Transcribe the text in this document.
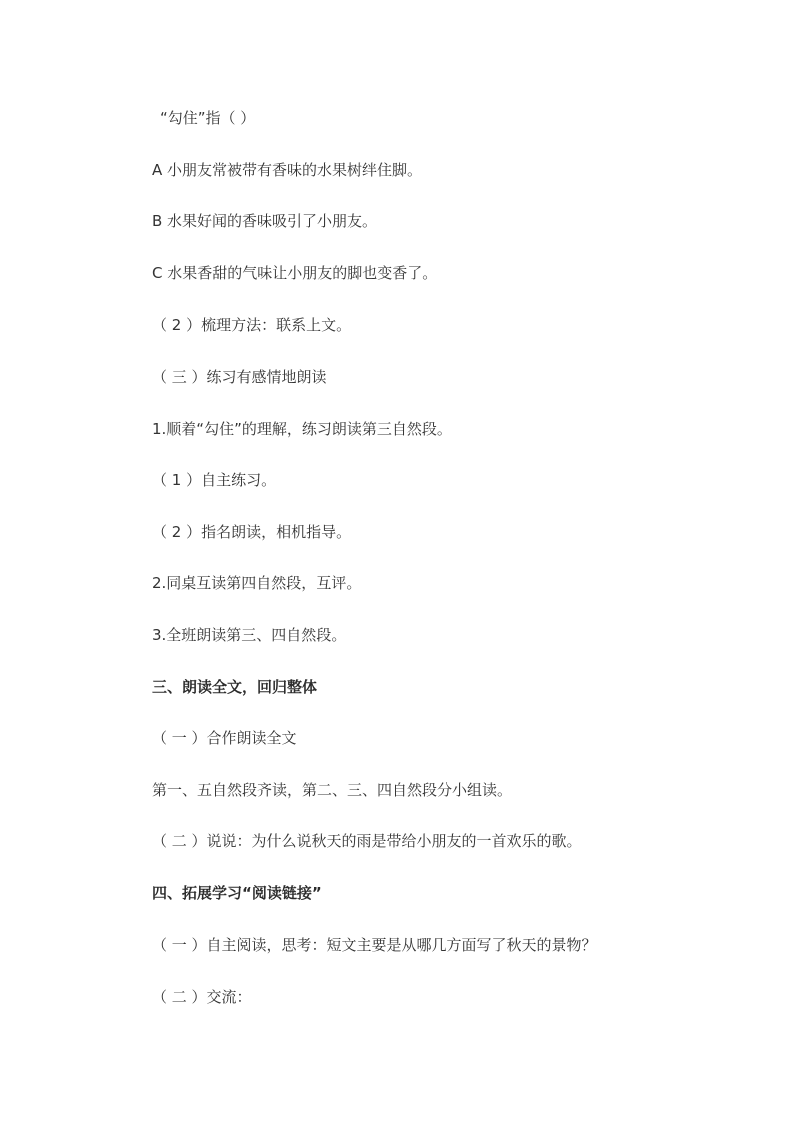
“勾住”指（ ）
A 小朋友常被带有香味的水果树绊住脚。
B 水果好闻的香味吸引了小朋友。
C 水果香甜的气味让小朋友的脚也变香了。
（ 2 ）梳理方法：联系上文。
（ 三 ）练习有感情地朗读
1.顺着“勾住”的理解，练习朗读第三自然段。
（ 1 ）自主练习。
（ 2 ）指名朗读，相机指导。
2.同桌互读第四自然段，互评。
3.全班朗读第三、四自然段。
三、朗读全文，回归整体
（ 一 ）合作朗读全文
第一、五自然段齐读，第二、三、四自然段分小组读。
（ 二 ）说说：为什么说秋天的雨是带给小朋友的一首欢乐的歌。
四、拓展学习“阅读链接”
（ 一 ）自主阅读，思考：短文主要是从哪几方面写了秋天的景物？
（ 二 ）交流：
